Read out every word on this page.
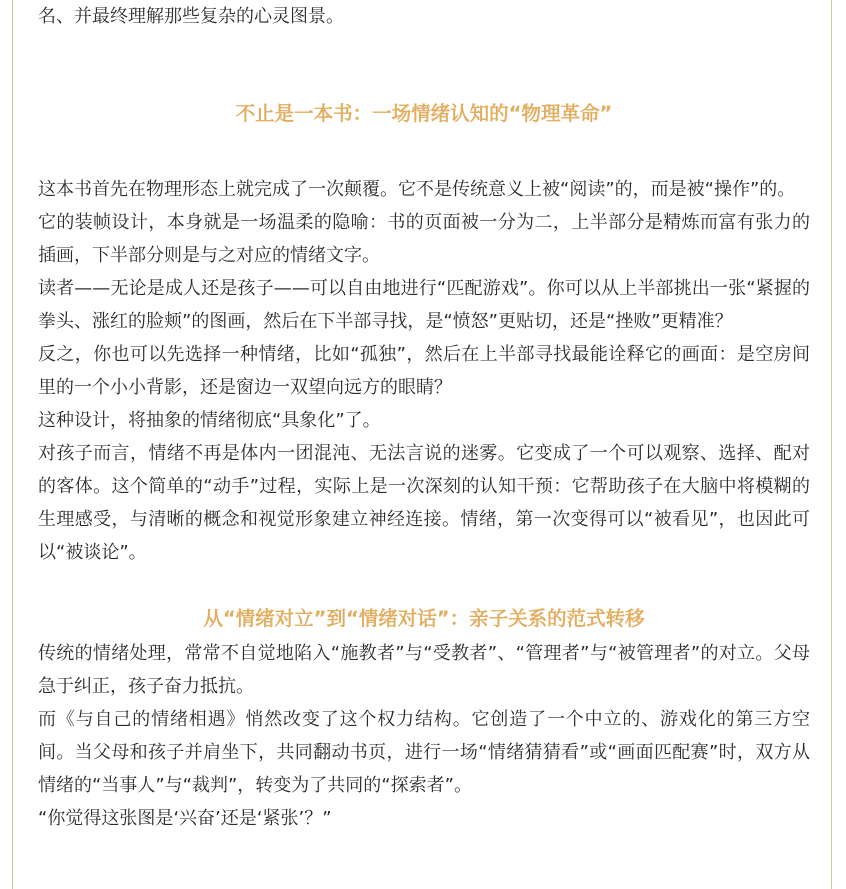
名、并最终理解那些复杂的心灵图景。

不止是一本书：一场情绪认知的“物理革命”

这本书首先在物理形态上就完成了一次颠覆。它不是传统意义上被“阅读”的，而是被“操作”的。

它的装帧设计，本身就是一场温柔的隐喻：书的页面被一分为二，上半部分是精炼而富有张力的插画，下半部分则是与之对应的情绪文字。

读者——无论是成人还是孩子——可以自由地进行“匹配游戏”。你可以从上半部挑出一张“紧握的拳头、涨红的脸颊”的图画，然后在下半部寻找，是“愤怒”更贴切，还是“挫败”更精准？

反之，你也可以先选择一种情绪，比如“孤独”，然后在上半部寻找最能诠释它的画面：是空房间里的一个小小背影，还是窗边一双望向远方的眼睛？

这种设计，将抽象的情绪彻底“具象化”了。

对孩子而言，情绪不再是体内一团混沌、无法言说的迷雾。它变成了一个可以观察、选择、配对的客体。这个简单的“动手”过程，实际上是一次深刻的认知干预：它帮助孩子在大脑中将模糊的生理感受，与清晰的概念和视觉形象建立神经连接。情绪，第一次变得可以“被看见”，也因此可以“被谈论”。

从“情绪对立”到“情绪对话”：亲子关系的范式转移

传统的情绪处理，常常不自觉地陷入“施教者”与“受教者”、“管理者”与“被管理者”的对立。父母急于纠正，孩子奋力抵抗。

而《与自己的情绪相遇》悄然改变了这个权力结构。它创造了一个中立的、游戏化的第三方空间。当父母和孩子并肩坐下，共同翻动书页，进行一场“情绪猜猜看”或“画面匹配赛”时，双方从情绪的“当事人”与“裁判”，转变为了共同的“探索者”。

“你觉得这张图是‘兴奋’还是‘紧张’？”
